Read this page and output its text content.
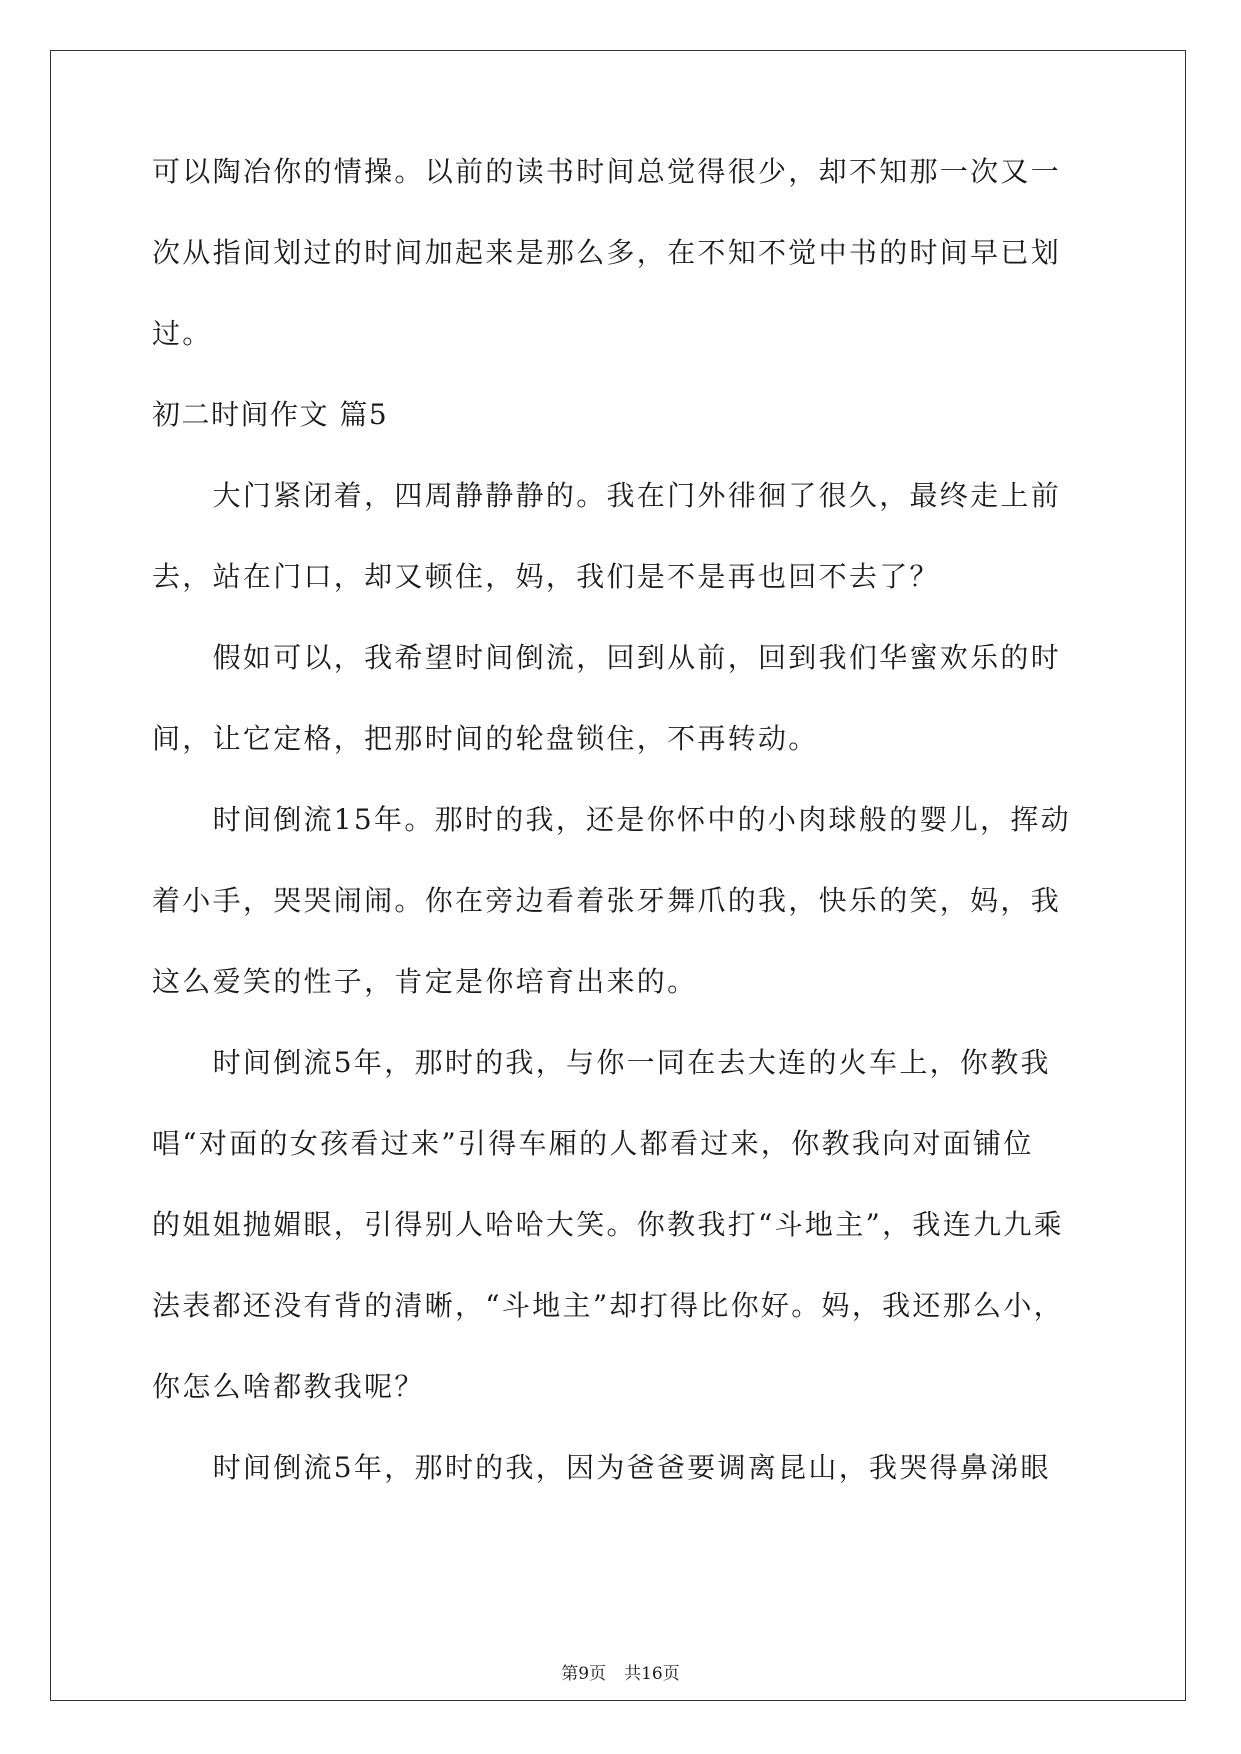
可以陶冶你的情操。以前的读书时间总觉得很少，却不知那一次又一
次从指间划过的时间加起来是那么多，在不知不觉中书的时间早已划
过。
初二时间作文 篇5
　　大门紧闭着，四周静静静的。我在门外徘徊了很久，最终走上前
去，站在门口，却又顿住，妈，我们是不是再也回不去了？
　　假如可以，我希望时间倒流，回到从前，回到我们华蜜欢乐的时
间，让它定格，把那时间的轮盘锁住，不再转动。
　　时间倒流15年。那时的我，还是你怀中的小肉球般的婴儿，挥动
着小手，哭哭闹闹。你在旁边看着张牙舞爪的我，快乐的笑，妈，我
这么爱笑的性子，肯定是你培育出来的。
　　时间倒流5年，那时的我，与你一同在去大连的火车上，你教我
唱“对面的女孩看过来”引得车厢的人都看过来，你教我向对面铺位
的姐姐抛媚眼，引得别人哈哈大笑。你教我打“斗地主”，我连九九乘
法表都还没有背的清晰，“斗地主”却打得比你好。妈，我还那么小，
你怎么啥都教我呢？
　　时间倒流5年，那时的我，因为爸爸要调离昆山，我哭得鼻涕眼
第9页 共16页
